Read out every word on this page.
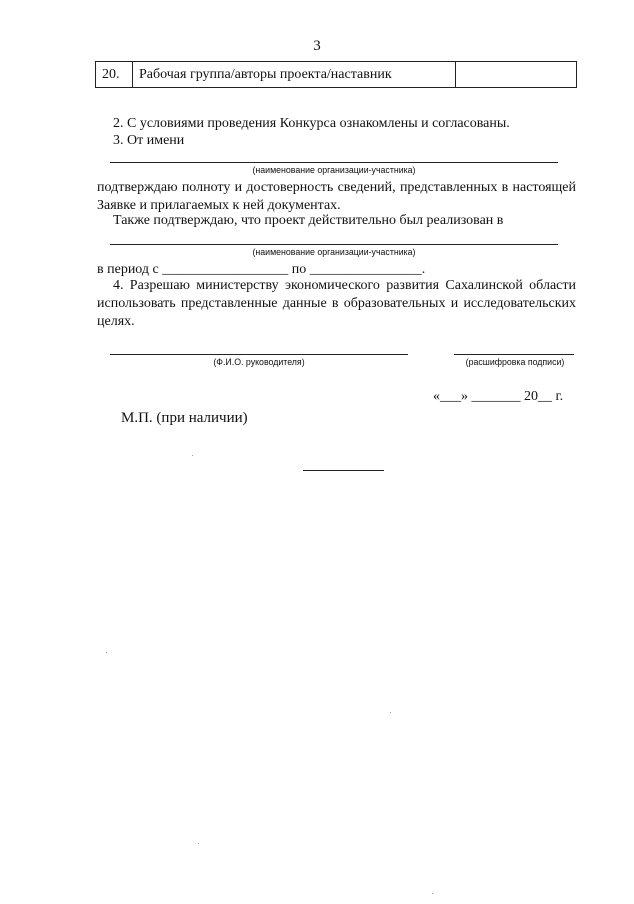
3
20.	Рабочая группа/авторы проекта/наставник	
2. С условиями проведения Конкурса ознакомлены и согласованы.
3. От имени
(наименование организации-участника)
подтверждаю полноту и достоверность сведений, представленных в настоящей Заявке и прилагаемых к ней документах.
Также подтверждаю, что проект действительно был реализован в
(наименование организации-участника)
в период с __________________ по ________________.
4. Разрешаю министерству экономического развития Сахалинской области использовать представленные данные в образовательных и исследовательских целях.
(Ф.И.О. руководителя)	(расшифровка подписи)
«___» _______ 20__ г.
М.П. (при наличии)
